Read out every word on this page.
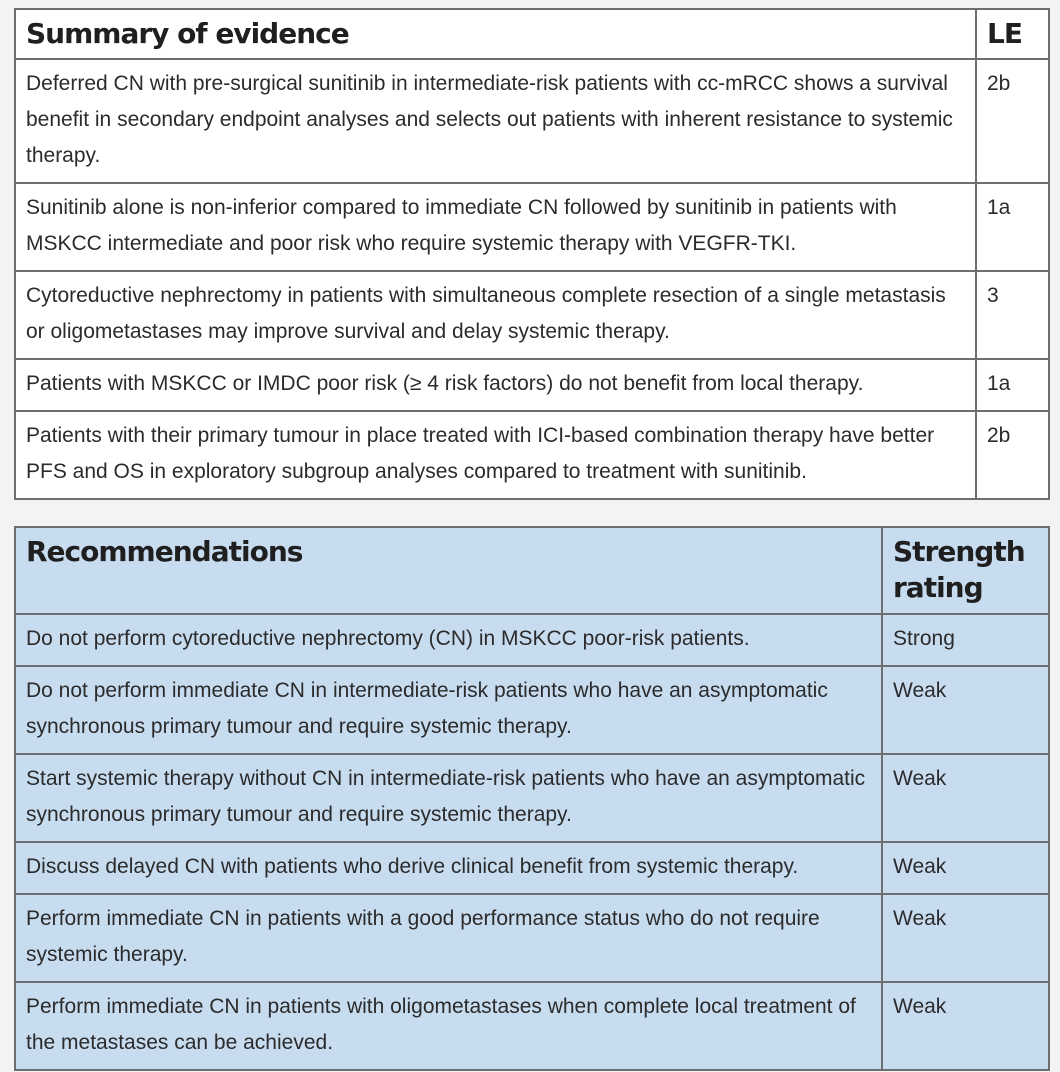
Summary of evidence	LE
Deferred CN with pre-surgical sunitinib in intermediate-risk patients with cc-mRCC shows a survival benefit in secondary endpoint analyses and selects out patients with inherent resistance to systemic therapy.	2b
Sunitinib alone is non-inferior compared to immediate CN followed by sunitinib in patients with MSKCC intermediate and poor risk who require systemic therapy with VEGFR-TKI.	1a
Cytoreductive nephrectomy in patients with simultaneous complete resection of a single metastasis or oligometastases may improve survival and delay systemic therapy.	3
Patients with MSKCC or IMDC poor risk (≥ 4 risk factors) do not benefit from local therapy.	1a
Patients with their primary tumour in place treated with ICI-based combination therapy have better PFS and OS in exploratory subgroup analyses compared to treatment with sunitinib.	2b
Recommendations	Strength rating
Do not perform cytoreductive nephrectomy (CN) in MSKCC poor-risk patients.	Strong
Do not perform immediate CN in intermediate-risk patients who have an asymptomatic synchronous primary tumour and require systemic therapy.	Weak
Start systemic therapy without CN in intermediate-risk patients who have an asymptomatic synchronous primary tumour and require systemic therapy.	Weak
Discuss delayed CN with patients who derive clinical benefit from systemic therapy.	Weak
Perform immediate CN in patients with a good performance status who do not require systemic therapy.	Weak
Perform immediate CN in patients with oligometastases when complete local treatment of the metastases can be achieved.	Weak
